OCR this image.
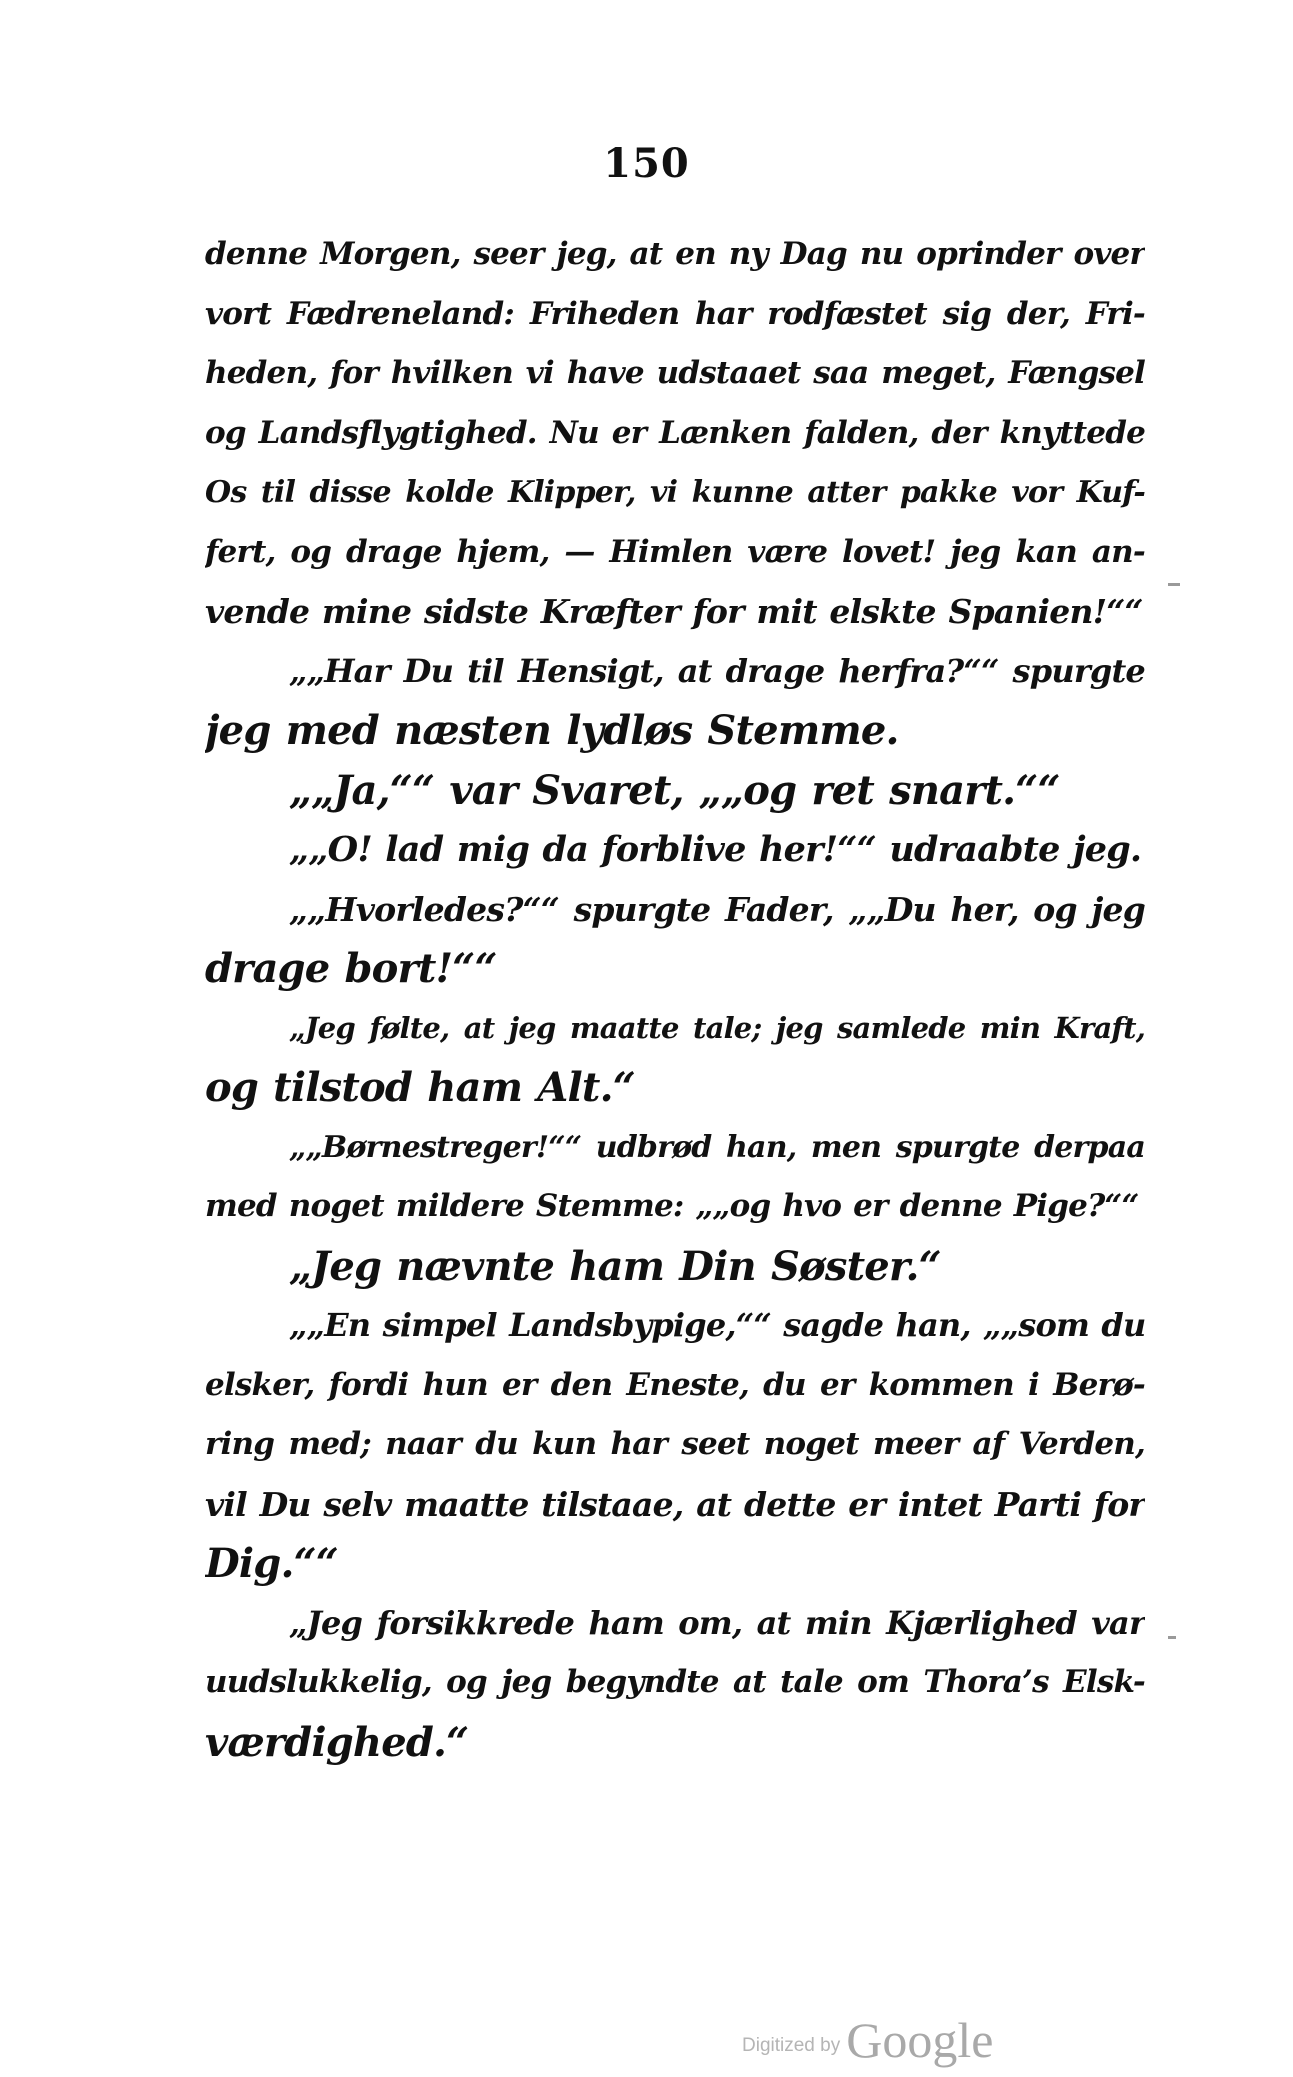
150
denne Morgen, seer jeg, at en ny Dag nu oprinder over
vort Fædreneland: Friheden har rodfæstet sig der, Fri-
heden, for hvilken vi have udstaaet saa meget, Fængsel
og Landsflygtighed. Nu er Lænken falden, der knyttede
Os til disse kolde Klipper, vi kunne atter pakke vor Kuf-
fert, og drage hjem, — Himlen være lovet! jeg kan an-
vende mine sidste Kræfter for mit elskte Spanien!““
„„Har Du til Hensigt, at drage herfra?““ spurgte
jeg med næsten lydløs Stemme.
„„Ja,““ var Svaret, „„og ret snart.““
„„O! lad mig da forblive her!““ udraabte jeg.
„„Hvorledes?““ spurgte Fader, „„Du her, og jeg
drage bort!““
„Jeg følte, at jeg maatte tale; jeg samlede min Kraft,
og tilstod ham Alt.“
„„Børnestreger!““ udbrød han, men spurgte derpaa
med noget mildere Stemme: „„og hvo er denne Pige?““
„Jeg nævnte ham Din Søster.“
„„En simpel Landsbypige,““ sagde han, „„som du
elsker, fordi hun er den Eneste, du er kommen i Berø-
ring med; naar du kun har seet noget meer af Verden,
vil Du selv maatte tilstaae, at dette er intet Parti for
Dig.““
„Jeg forsikkrede ham om, at min Kjærlighed var
uudslukkelig, og jeg begyndte at tale om Thora’s Elsk-
værdighed.“
Digitized by Google
